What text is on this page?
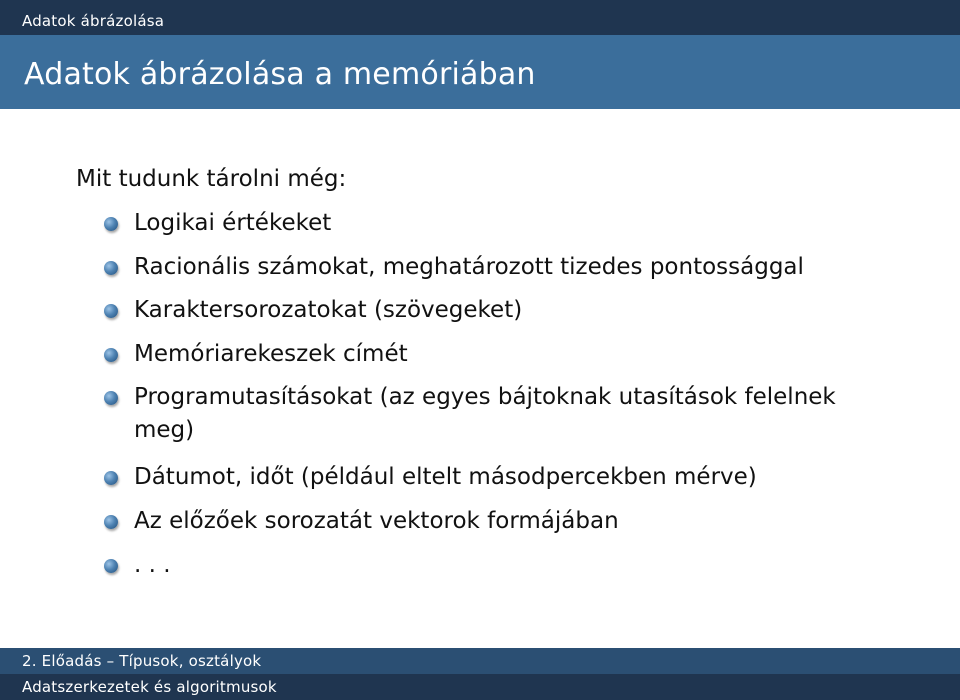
Adatok ábrázolása
Adatok ábrázolása a memóriában

Mit tudunk tárolni még:

Logikai értékeket
Racionális számokat, meghatározott tizedes pontossággal
Karaktersorozatokat (szövegeket)
Memóriarekeszek címét
Programutasításokat (az egyes bájtoknak utasítások felelnek meg)
Dátumot, időt (például eltelt másodpercekben mérve)
Az előzőek sorozatát vektorok formájában
. . .
2. Előadás – Típusok, osztályok
Adatszerkezetek és algoritmusok
